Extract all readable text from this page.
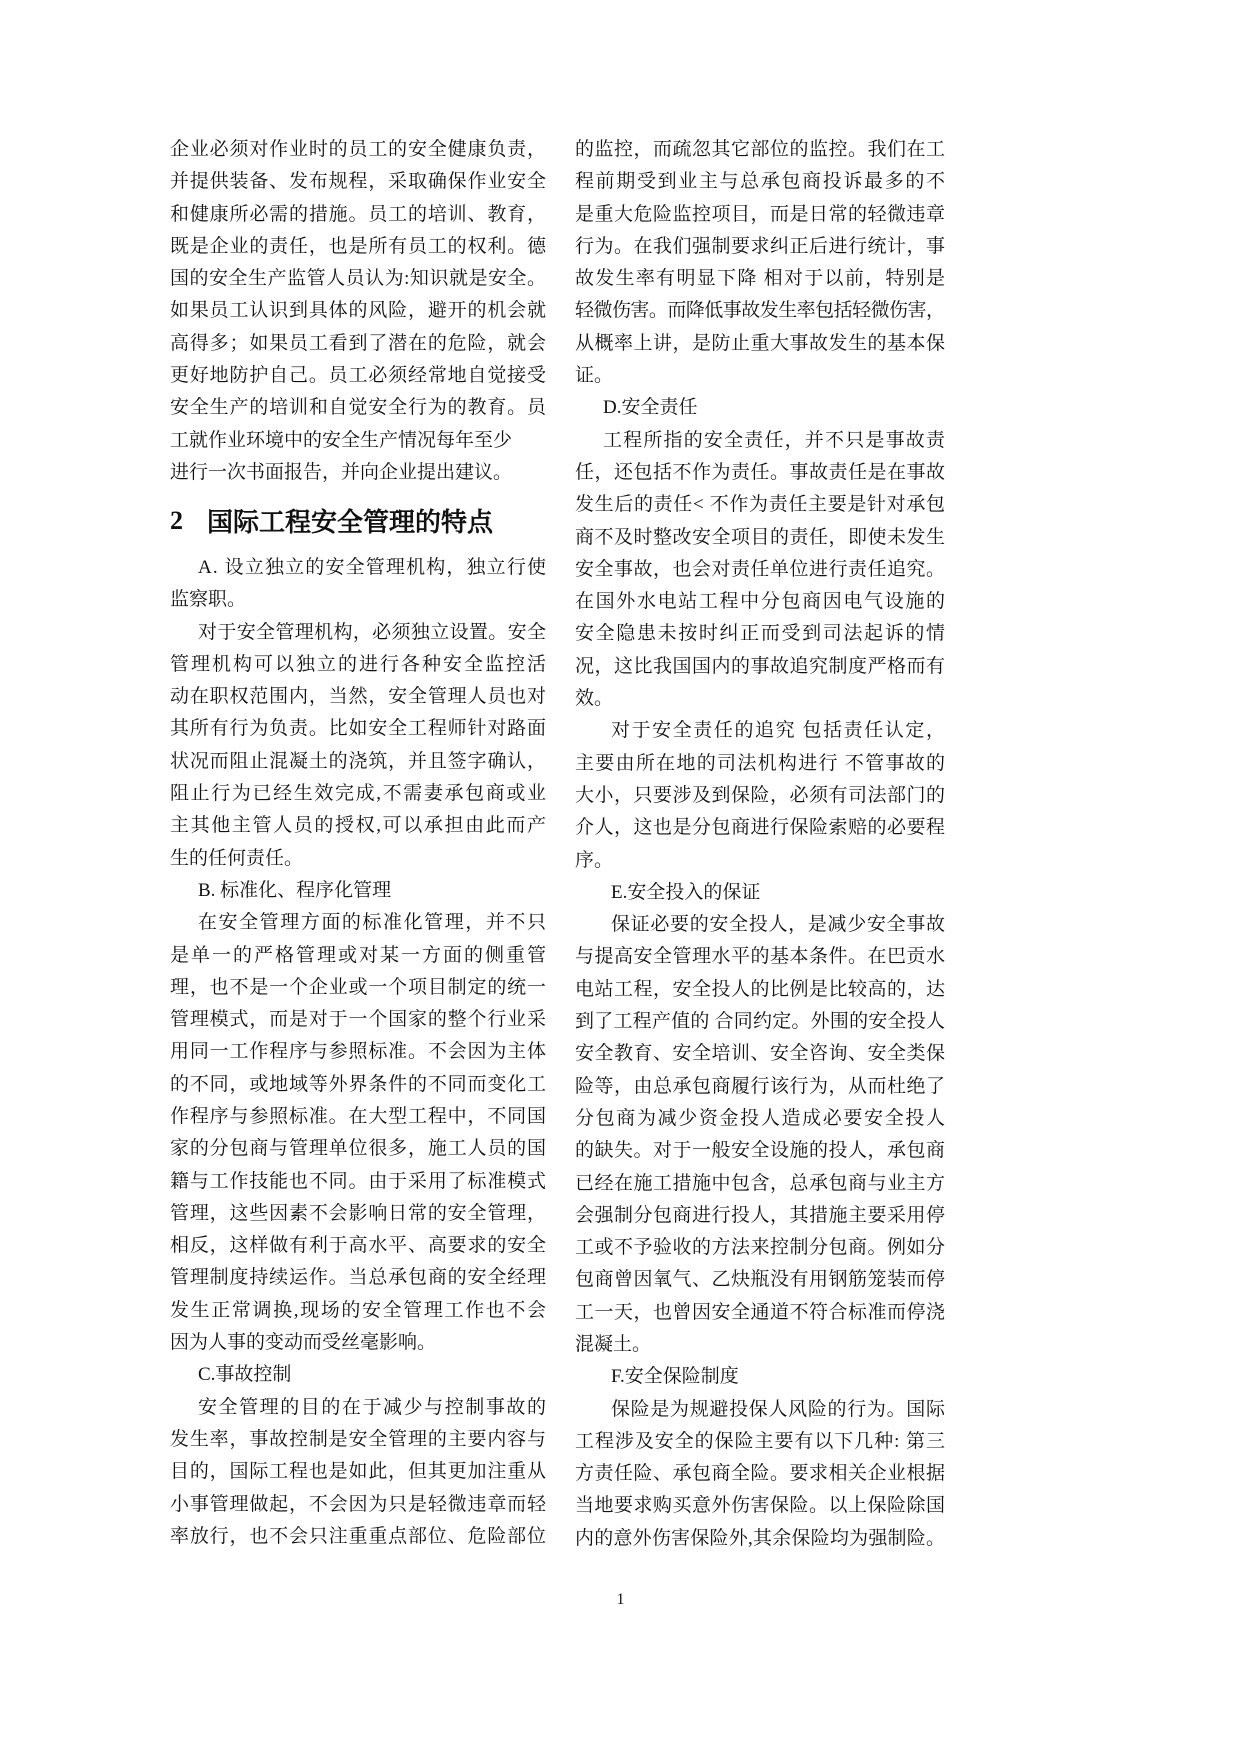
企业必须对作业时的员工的安全健康负责，
并提供装备、发布规程，采取确保作业安全
和健康所必需的措施。员工的培训、教育，
既是企业的责任，也是所有员工的权利。德
国的安全生产监管人员认为:知识就是安全。
如果员工认识到具体的风险，避开的机会就
高得多；如果员工看到了潜在的危险，就会
更好地防护自己。员工必须经常地自觉接受
安全生产的培训和自觉安全行为的教育。员
工就作业环境中的安全生产情况每年至少
进行一次书面报告，并向企业提出建议。
2 国际工程安全管理的特点
A. 设立独立的安全管理机构，独立行使
监察职。
对于安全管理机构，必须独立设置。安全
管理机构可以独立的进行各种安全监控活
动在职权范围内，当然，安全管理人员也对
其所有行为负责。比如安全工程师针对路面
状况而阻止混凝土的浇筑，并且签字确认，
阻止行为已经生效完成,不需妻承包商或业
主其他主管人员的授权,可以承担由此而产
生的任何责任。
B. 标准化、程序化管理
在安全管理方面的标准化管理，并不只
是单一的严格管理或对某一方面的侧重管
理，也不是一个企业或一个项目制定的统一
管理模式，而是对于一个国家的整个行业采
用同一工作程序与参照标准。不会因为主体
的不同，或地域等外界条件的不同而变化工
作程序与参照标准。在大型工程中，不同国
家的分包商与管理单位很多，施工人员的国
籍与工作技能也不同。由于采用了标准模式
管理，这些因素不会影响日常的安全管理，
相反，这样做有利于高水平、高要求的安全
管理制度持续运作。当总承包商的安全经理
发生正常调换,现场的安全管理工作也不会
因为人事的变动而受丝毫影响。
C.事故控制
安全管理的目的在于减少与控制事故的
发生率，事故控制是安全管理的主要内容与
目的，国际工程也是如此，但其更加注重从
小事管理做起，不会因为只是轻微违章而轻
率放行，也不会只注重重点部位、危险部位
的监控，而疏忽其它部位的监控。我们在工
程前期受到业主与总承包商投诉最多的不
是重大危险监控项目，而是日常的轻微违章
行为。在我们强制要求纠正后进行统计，事
故发生率有明显下降 相对于以前，特别是
轻微伤害。而降低事故发生率包括轻微伤害，
从概率上讲，是防止重大事故发生的基本保
证。
D.安全责任
工程所指的安全责任，并不只是事故责
任，还包括不作为责任。事故责任是在事故
发生后的责任< 不作为责任主要是针对承包
商不及时整改安全项目的责任，即使未发生
安全事故，也会对责任单位进行责任追究。
在国外水电站工程中分包商因电气设施的
安全隐患未按时纠正而受到司法起诉的情
况，这比我国国内的事故追究制度严格而有
效。
对于安全责任的追究 包括责任认定，
主要由所在地的司法机构进行 不管事故的
大小，只要涉及到保险，必须有司法部门的
介人，这也是分包商进行保险索赔的必要程
序。
E.安全投入的保证
保证必要的安全投人，是减少安全事故
与提高安全管理水平的基本条件。在巴贡水
电站工程，安全投人的比例是比较高的，达
到了工程产值的 合同约定。外围的安全投人
安全教育、安全培训、安全咨询、安全类保
险等，由总承包商履行该行为，从而杜绝了
分包商为减少资金投人造成必要安全投人
的缺失。对于一般安全设施的投人，承包商
已经在施工措施中包含，总承包商与业主方
会强制分包商进行投人，其措施主要采用停
工或不予验收的方法来控制分包商。例如分
包商曾因氧气、乙炔瓶没有用钢筋笼装而停
工一天，也曾因安全通道不符合标准而停浇
混凝土。
F.安全保险制度
保险是为规避投保人风险的行为。国际
工程涉及安全的保险主要有以下几种: 第三
方责任险、承包商全险。要求相关企业根据
当地要求购买意外伤害保险。以上保险除国
内的意外伤害保险外,其余保险均为强制险。
1
